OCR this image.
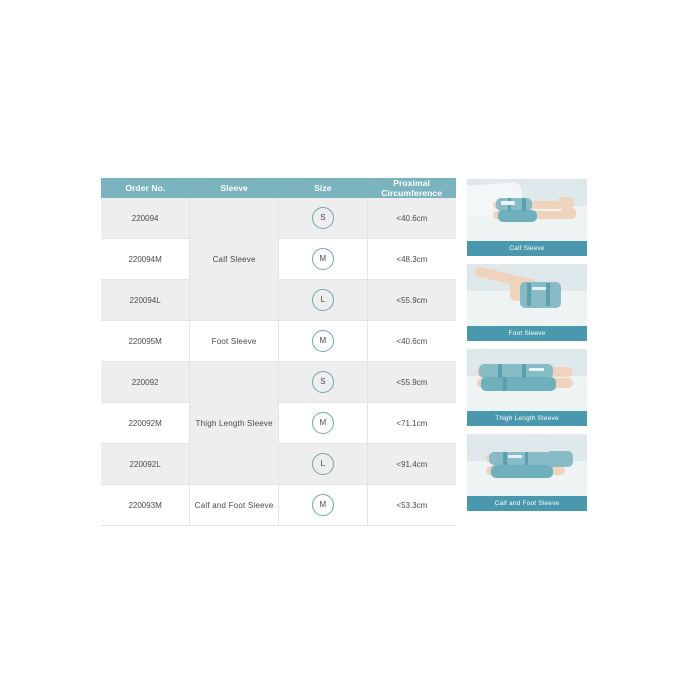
Order No.	Sleeve	Size	Proximal Circumference
220094	Calf Sleeve	S	<40.6cm
220094M		M	<48.3cm
220094L		L	<55.9cm
220095M	Foot Sleeve	M	<40.6cm
220092	Thigh Length Sleeve	S	<55.9cm
220092M		M	<71.1cm
220092L		L	<91.4cm
220093M	Calf and Foot Sleeve	M	<53.3cm
Calf Sleeve
Foot Sleeve
Thigh Length Sleeve
Calf and Foot Sleeve
